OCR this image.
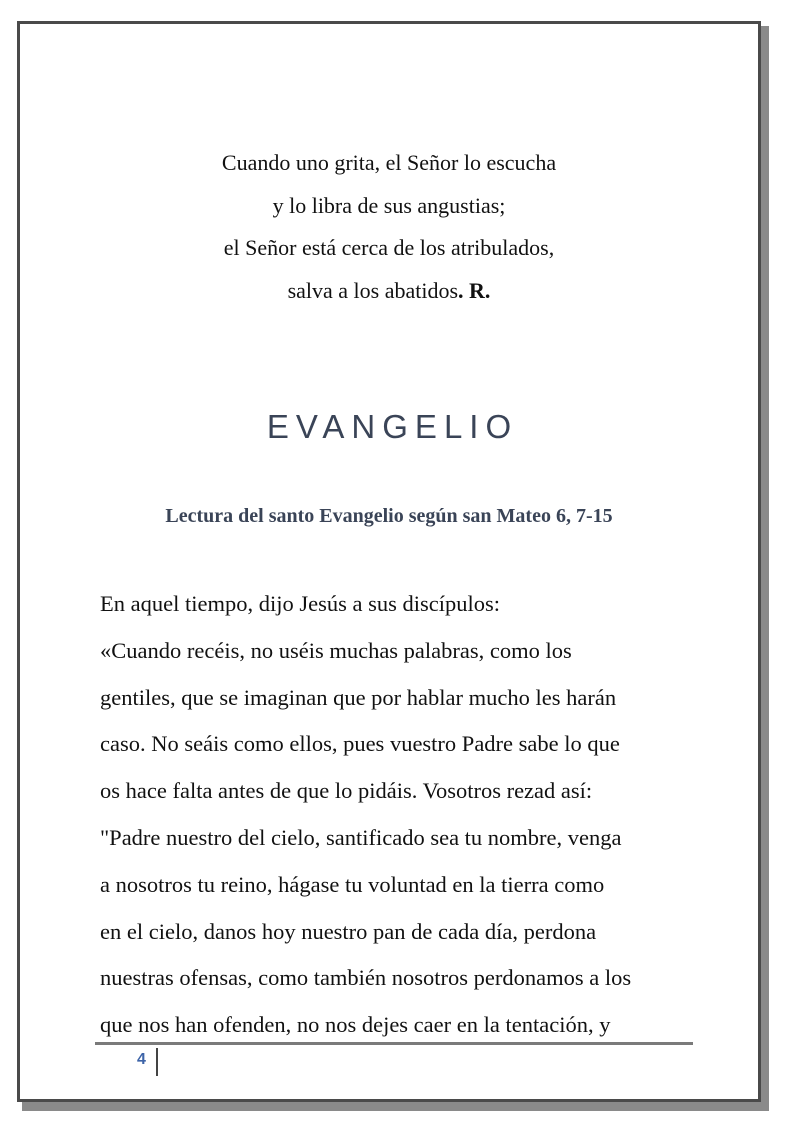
Cuando uno grita, el Señor lo escucha
y lo libra de sus angustias;
el Señor está cerca de los atribulados,
salva a los abatidos. R.
EVANGELIO
Lectura del santo Evangelio según san Mateo 6, 7-15
En aquel tiempo, dijo Jesús a sus discípulos:
«Cuando recéis, no uséis muchas palabras, como los
gentiles, que se imaginan que por hablar mucho les harán
caso. No seáis como ellos, pues vuestro Padre sabe lo que
os hace falta antes de que lo pidáis. Vosotros rezad así:
"Padre nuestro del cielo, santificado sea tu nombre, venga
a nosotros tu reino, hágase tu voluntad en la tierra como
en el cielo, danos hoy nuestro pan de cada día, perdona
nuestras ofensas, como también nosotros perdonamos a los
que nos han ofenden, no nos dejes caer en la tentación, y
4
